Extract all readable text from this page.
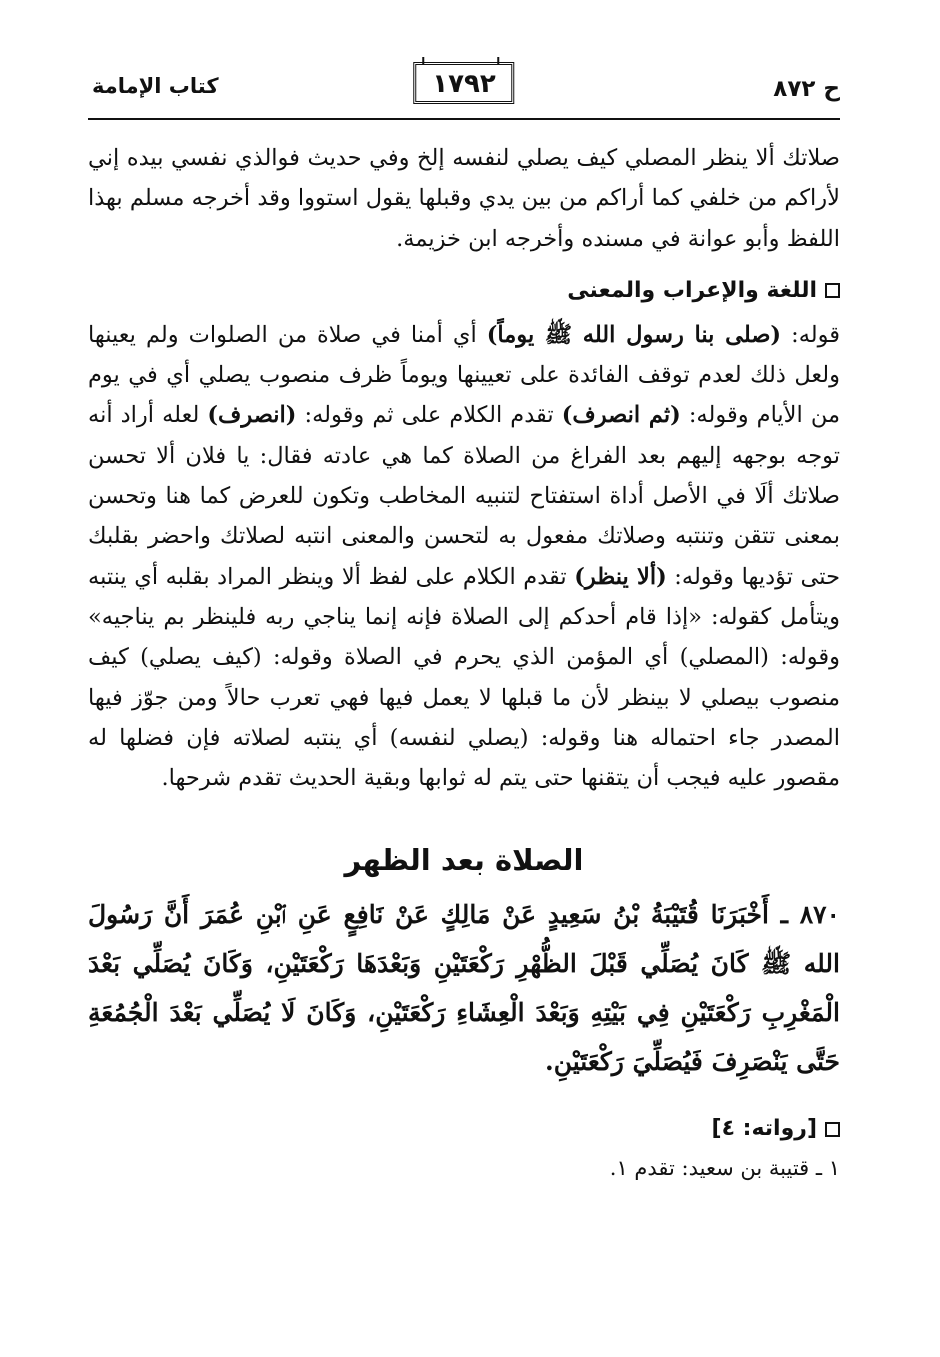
ح ٨٧٢
١٧٩٢
كتاب الإمامة

صلاتك ألا ينظر المصلي كيف يصلي لنفسه إلخ وفي حديث فوالذي نفسي بيده إني لأراكم من خلفي كما أراكم من بين يدي وقبلها يقول استووا وقد أخرجه مسلم بهذا اللفظ وأبو عوانة في مسنده وأخرجه ابن خزيمة.

اللغة والإعراب والمعنى

قوله: (صلى بنا رسول الله ﷺ يوماً) أي أمنا في صلاة من الصلوات ولم يعينها ولعل ذلك لعدم توقف الفائدة على تعيينها ويوماً ظرف منصوب يصلي أي في يوم من الأيام وقوله: (ثم انصرف) تقدم الكلام على ثم وقوله: (انصرف) لعله أراد أنه توجه بوجهه إليهم بعد الفراغ من الصلاة كما هي عادته فقال: يا فلان ألا تحسن صلاتك ألَا في الأصل أداة استفتاح لتنبيه المخاطب وتكون للعرض كما هنا وتحسن بمعنى تتقن وتنتبه وصلاتك مفعول به لتحسن والمعنى انتبه لصلاتك واحضر بقلبك حتى تؤديها وقوله: (ألا ينظر) تقدم الكلام على لفظ ألا وينظر المراد بقلبه أي ينتبه ويتأمل كقوله: «إذا قام أحدكم إلى الصلاة فإنه إنما يناجي ربه فلينظر بم يناجيه» وقوله: (المصلي) أي المؤمن الذي يحرم في الصلاة وقوله: (كيف يصلي) كيف منصوب بيصلي لا بينظر لأن ما قبلها لا يعمل فيها فهي تعرب حالاً ومن جوّز فيها المصدر جاء احتماله هنا وقوله: (يصلي لنفسه) أي ينتبه لصلاته فإن فضلها له مقصور عليه فيجب أن يتقنها حتى يتم له ثوابها وبقية الحديث تقدم شرحها.

الصلاة بعد الظهر

٨٧٠ ـ أَخْبَرَنَا قُتَيْبَةُ بْنُ سَعِيدٍ عَنْ مَالِكٍ عَنْ نَافِعٍ عَنِ ٱبْنِ عُمَرَ أَنَّ رَسُولَ الله ﷺ كَانَ يُصَلِّي قَبْلَ الظُّهْرِ رَكْعَتَيْنِ وَبَعْدَهَا رَكْعَتَيْنِ، وَكَانَ يُصَلِّي بَعْدَ الْمَغْرِبِ رَكْعَتَيْنِ فِي بَيْتِهِ وَبَعْدَ الْعِشَاءِ رَكْعَتَيْنِ، وَكَانَ لَا يُصَلِّي بَعْدَ الْجُمُعَةِ حَتَّى يَنْصَرِفَ فَيُصَلِّيَ رَكْعَتَيْنِ.

[رواته: ٤]
١ ـ قتيبة بن سعيد: تقدم ١.
